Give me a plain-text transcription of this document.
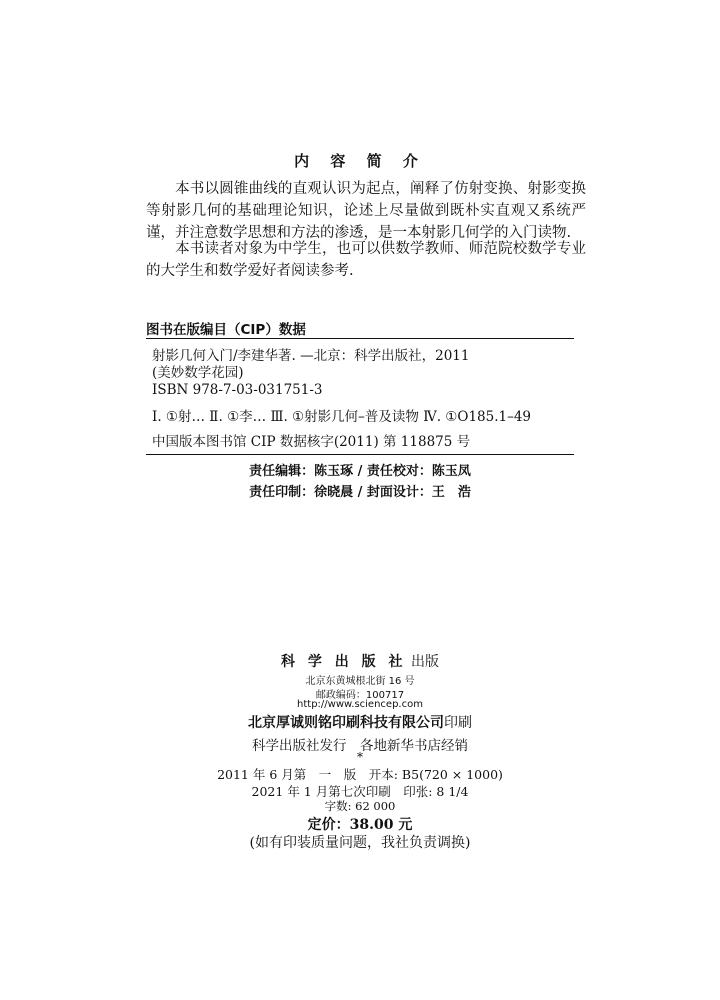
内 容 简 介
本书以圆锥曲线的直观认识为起点，阐释了仿射变换、射影变换等射影几何的基础理论知识，论述上尽量做到既朴实直观又系统严谨，并注意数学思想和方法的渗透，是一本射影几何学的入门读物.
本书读者对象为中学生，也可以供数学教师、师范院校数学专业的大学生和数学爱好者阅读参考.
图书在版编目（CIP）数据
射影几何入门/李建华著. —北京：科学出版社，2011
(美妙数学花园)
ISBN 978-7-03-031751-3
Ⅰ. ①射… Ⅱ. ①李… Ⅲ. ①射影几何–普及读物 Ⅳ. ①O185.1–49
中国版本图书馆 CIP 数据核字(2011) 第 118875 号
责任编辑：陈玉琢 / 责任校对：陈玉凤
责任印制：徐晓晨 / 封面设计：王　浩
科 学 出 版 社 出版
北京东黄城根北街 16 号
邮政编码：100717
http://www.sciencep.com
北京厚诚则铭印刷科技有限公司印刷
科学出版社发行　各地新华书店经销
*
2011 年 6 月第　一　版　开本: B5(720 × 1000)
2021 年 1 月第七次印刷　印张: 8 1/4
字数: 62 000
定价：38.00 元
(如有印装质量问题，我社负责调换)
